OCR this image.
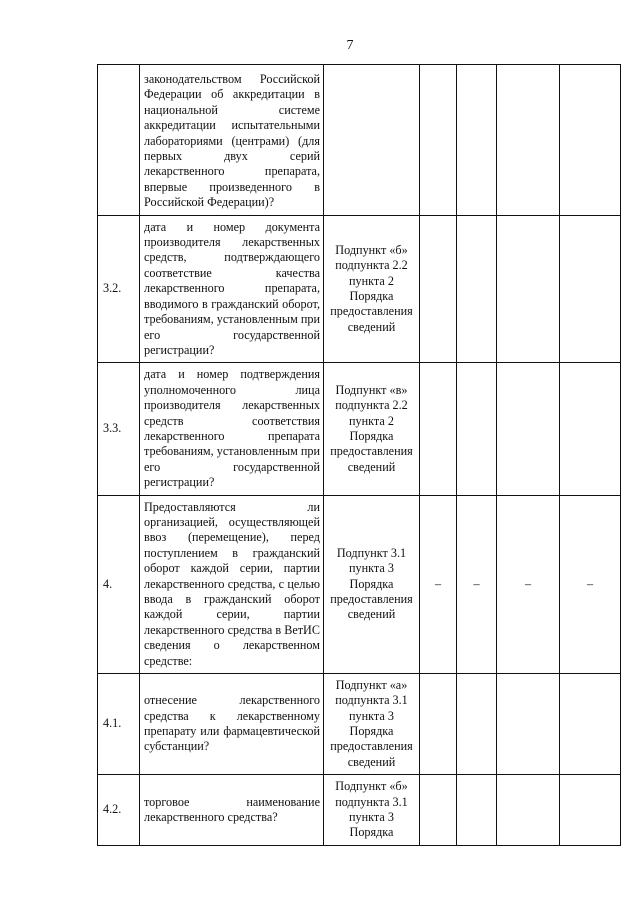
7
	законодательством Российской Федерации об аккредитации в национальной системе аккредитации испытательными лабораториями (центрами) (для первых двух серий лекарственного препарата, впервые произведенного в Российской Федерации)?					
3.2.	дата и номер документа производителя лекарственных средств, подтверждающего соответствие качества лекарственного препарата, вводимого в гражданский оборот, требованиям, установленным при его государственной регистрации?	Подпункт «б» подпункта 2.2 пункта 2 Порядка предоставления сведений				
3.3.	дата и номер подтверждения уполномоченного лица производителя лекарственных средств соответствия лекарственного препарата требованиям, установленным при его государственной регистрации?	Подпункт «в» подпункта 2.2 пункта 2 Порядка предоставления сведений				
4.	Предоставляются ли организацией, осуществляющей ввоз (перемещение), перед поступлением в гражданский оборот каждой серии, партии лекарственного средства, с целью ввода в гражданский оборот каждой серии, партии лекарственного средства в ВетИС сведения о лекарственном средстве:	Подпункт 3.1 пункта 3 Порядка предоставления сведений	–	–	–	–
4.1.	отнесение лекарственного средства к лекарственному препарату или фармацевтической субстанции?	Подпункт «а» подпункта 3.1 пункта 3 Порядка предоставления сведений				
4.2.	торговое наименование лекарственного средства?	Подпункт «б» подпункта 3.1 пункта 3 Порядка				
